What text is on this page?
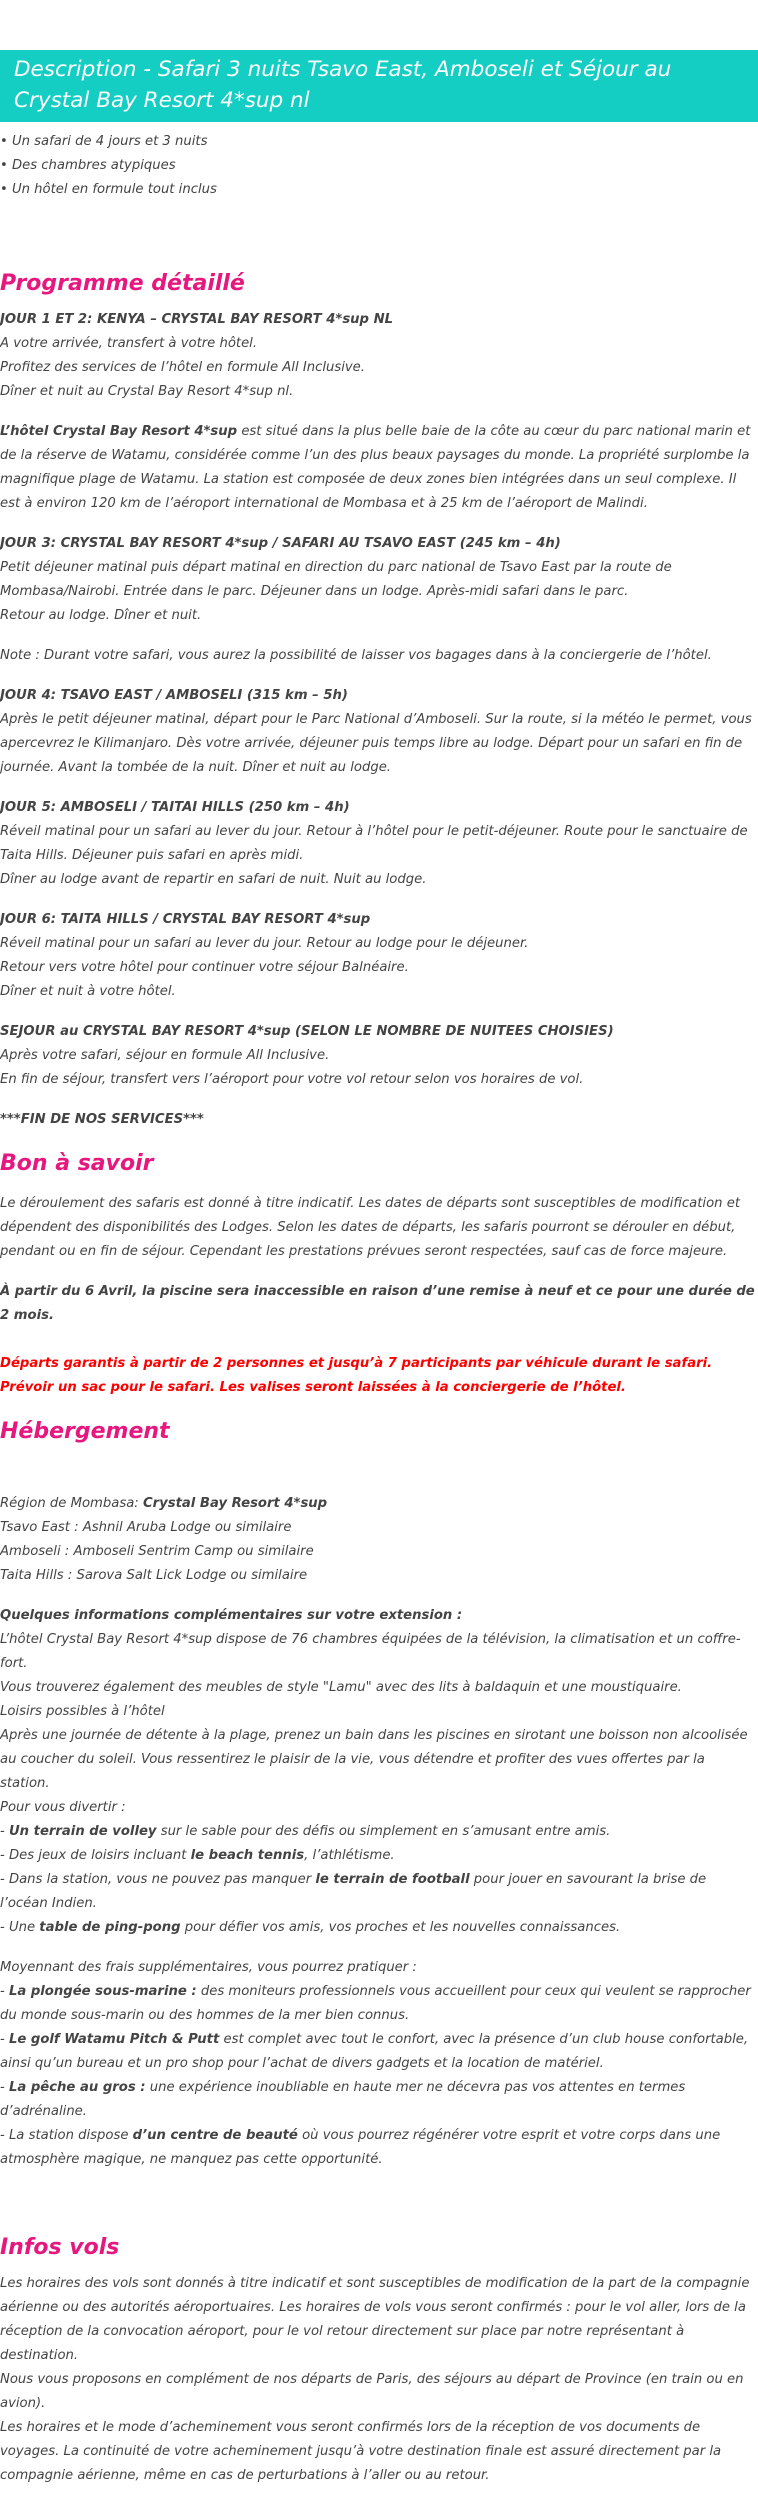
Description - Safari 3 nuits Tsavo East, Amboseli et Séjour au Crystal Bay Resort 4*sup nl
• Un safari de 4 jours et 3 nuits
• Des chambres atypiques
• Un hôtel en formule tout inclus
Programme détaillé

JOUR 1 ET 2: KENYA – CRYSTAL BAY RESORT 4*sup NL

A votre arrivée, transfert à votre hôtel.

Profitez des services de l’hôtel en formule All Inclusive.

Dîner et nuit au Crystal Bay Resort 4*sup nl.

L’hôtel Crystal Bay Resort 4*sup est situé dans la plus belle baie de la côte au cœur du parc national marin et de la réserve de Watamu, considérée comme l’un des plus beaux paysages du monde. La propriété surplombe la magnifique plage de Watamu. La station est composée de deux zones bien intégrées dans un seul complexe. Il est à environ 120 km de l’aéroport international de Mombasa et à 25 km de l’aéroport de Malindi.

JOUR 3: CRYSTAL BAY RESORT 4*sup / SAFARI AU TSAVO EAST (245 km – 4h)

Petit déjeuner matinal puis départ matinal en direction du parc national de Tsavo East par la route de Mombasa/Nairobi. Entrée dans le parc. Déjeuner dans un lodge. Après-midi safari dans le parc.

Retour au lodge. Dîner et nuit.

Note : Durant votre safari, vous aurez la possibilité de laisser vos bagages dans à la conciergerie de l’hôtel.

JOUR 4: TSAVO EAST / AMBOSELI (315 km – 5h)

Après le petit déjeuner matinal, départ pour le Parc National d’Amboseli. Sur la route, si la météo le permet, vous apercevrez le Kilimanjaro. Dès votre arrivée, déjeuner puis temps libre au lodge. Départ pour un safari en fin de journée. Avant la tombée de la nuit. Dîner et nuit au lodge.

JOUR 5: AMBOSELI / TAITAI HILLS (250 km – 4h)

Réveil matinal pour un safari au lever du jour. Retour à l’hôtel pour le petit-déjeuner. Route pour le sanctuaire de Taita Hills. Déjeuner puis safari en après midi.

Dîner au lodge avant de repartir en safari de nuit. Nuit au lodge.

JOUR 6: TAITA HILLS / CRYSTAL BAY RESORT 4*sup

Réveil matinal pour un safari au lever du jour. Retour au lodge pour le déjeuner.

Retour vers votre hôtel pour continuer votre séjour Balnéaire.

Dîner et nuit à votre hôtel.

SEJOUR au CRYSTAL BAY RESORT 4*sup (SELON LE NOMBRE DE NUITEES CHOISIES)

Après votre safari, séjour en formule All Inclusive.

En fin de séjour, transfert vers l’aéroport pour votre vol retour selon vos horaires de vol.

***FIN DE NOS SERVICES***

Bon à savoir

Le déroulement des safaris est donné à titre indicatif. Les dates de départs sont susceptibles de modification et dépendent des disponibilités des Lodges. Selon les dates de départs, les safaris pourront se dérouler en début, pendant ou en fin de séjour. Cependant les prestations prévues seront respectées, sauf cas de force majeure.

À partir du 6 Avril, la piscine sera inaccessible en raison d’une remise à neuf et ce pour une durée de 2 mois.

Départs garantis à partir de 2 personnes et jusqu’à 7 participants par véhicule durant le safari.

Prévoir un sac pour le safari. Les valises seront laissées à la conciergerie de l’hôtel.

Hébergement

Région de Mombasa: Crystal Bay Resort 4*sup

Tsavo East : Ashnil Aruba Lodge ou similaire

Amboseli : Amboseli Sentrim Camp ou similaire

Taita Hills : Sarova Salt Lick Lodge ou similaire

Quelques informations complémentaires sur votre extension :

L’hôtel Crystal Bay Resort 4*sup dispose de 76 chambres équipées de la télévision, la climatisation et un coffre-fort.

Vous trouverez également des meubles de style "Lamu" avec des lits à baldaquin et une moustiquaire.

Loisirs possibles à l’hôtel

Après une journée de détente à la plage, prenez un bain dans les piscines en sirotant une boisson non alcoolisée au coucher du soleil. Vous ressentirez le plaisir de la vie, vous détendre et profiter des vues offertes par la station.

Pour vous divertir :

- Un terrain de volley sur le sable pour des défis ou simplement en s’amusant entre amis.

- Des jeux de loisirs incluant le beach tennis, l’athlétisme.

- Dans la station, vous ne pouvez pas manquer le terrain de football pour jouer en savourant la brise de l’océan Indien.

- Une table de ping-pong pour défier vos amis, vos proches et les nouvelles connaissances.

Moyennant des frais supplémentaires, vous pourrez pratiquer :

- La plongée sous-marine : des moniteurs professionnels vous accueillent pour ceux qui veulent se rapprocher du monde sous-marin ou des hommes de la mer bien connus.

- Le golf Watamu Pitch & Putt est complet avec tout le confort, avec la présence d’un club house confortable, ainsi qu’un bureau et un pro shop pour l’achat de divers gadgets et la location de matériel.

- La pêche au gros : une expérience inoubliable en haute mer ne décevra pas vos attentes en termes d’adrénaline.

- La station dispose d’un centre de beauté où vous pourrez régénérer votre esprit et votre corps dans une atmosphère magique, ne manquez pas cette opportunité.

Infos vols

Les horaires des vols sont donnés à titre indicatif et sont susceptibles de modification de la part de la compagnie aérienne ou des autorités aéroportuaires. Les horaires de vols vous seront confirmés : pour le vol aller, lors de la réception de la convocation aéroport, pour le vol retour directement sur place par notre représentant à destination.

Nous vous proposons en complément de nos départs de Paris, des séjours au départ de Province (en train ou en avion).

Les horaires et le mode d’acheminement vous seront confirmés lors de la réception de vos documents de voyages. La continuité de votre acheminement jusqu’à votre destination finale est assuré directement par la compagnie aérienne, même en cas de perturbations à l’aller ou au retour.
